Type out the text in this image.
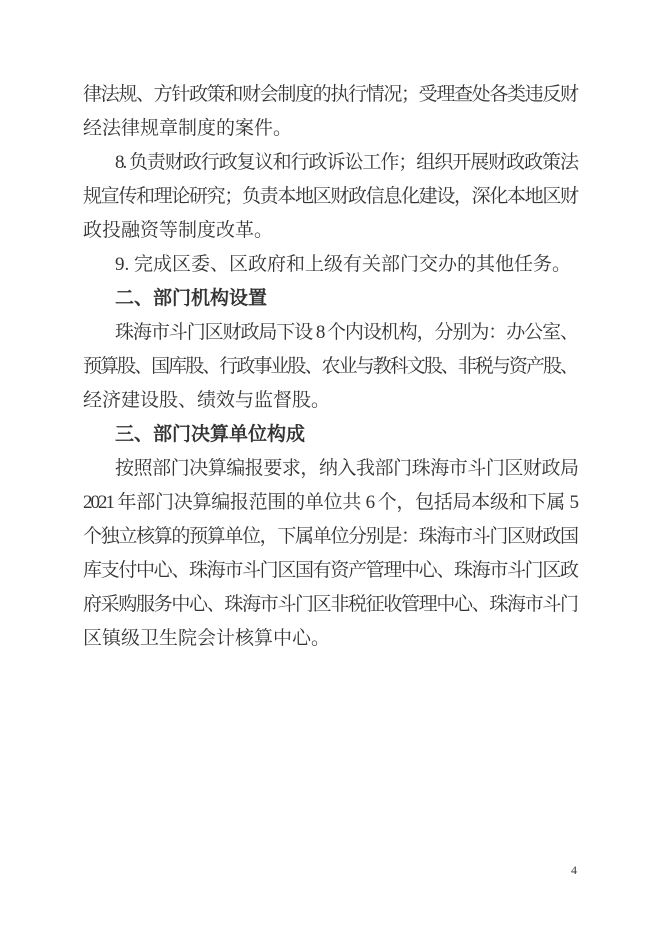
律法规、方针政策和财会制度的执行情况；受理查处各类违反财
经法律规章制度的案件。
8. 负责财政行政复议和行政诉讼工作；组织开展财政政策法
规宣传和理论研究；负责本地区财政信息化建设，深化本地区财
政投融资等制度改革。
9. 完成区委、区政府和上级有关部门交办的其他任务。
二、部门机构设置
珠海市斗门区财政局下设 8 个内设机构，分别为：办公室、
预算股、国库股、行政事业股、农业与教科文股、非税与资产股、
经济建设股、绩效与监督股。
三、部门决算单位构成
按照部门决算编报要求，纳入我部门珠海市斗门区财政局
2021 年部门决算编报范围的单位共 6 个，包括局本级和下属 5
个独立核算的预算单位，下属单位分别是：珠海市斗门区财政国
库支付中心、珠海市斗门区国有资产管理中心、珠海市斗门区政
府采购服务中心、珠海市斗门区非税征收管理中心、珠海市斗门
区镇级卫生院会计核算中心。
4
